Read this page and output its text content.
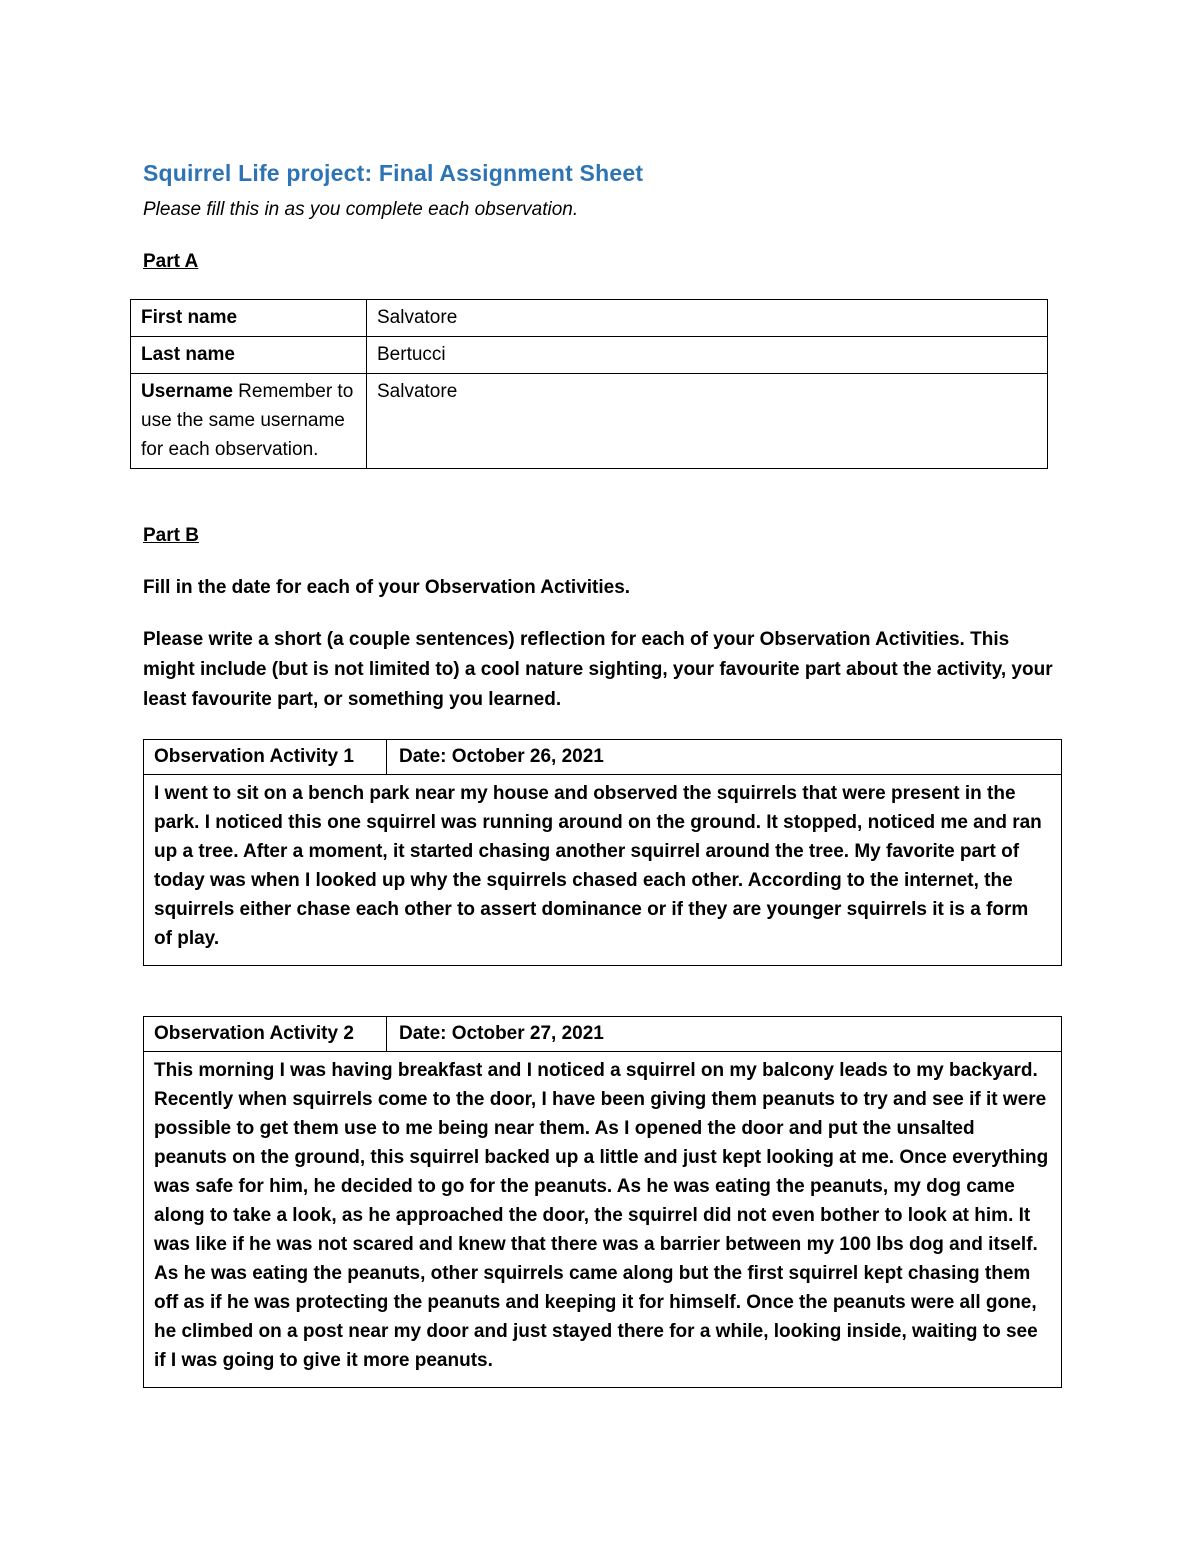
Squirrel Life project: Final Assignment Sheet

Please fill this in as you complete each observation.

Part A

First name	Salvatore
Last name	Bertucci
Username Remember to use the same username for each observation.	Salvatore

Part B

Fill in the date for each of your Observation Activities.

Please write a short (a couple sentences) reflection for each of your Observation Activities. This might include (but is not limited to) a cool nature sighting, your favourite part about the activity, your least favourite part, or something you learned.

Observation Activity 1	Date: October 26, 2021
I went to sit on a bench park near my house and observed the squirrels that were present in the park. I noticed this one squirrel was running around on the ground. It stopped, noticed me and ran up a tree. After a moment, it started chasing another squirrel around the tree. My favorite part of today was when I looked up why the squirrels chased each other. According to the internet, the squirrels either chase each other to assert dominance or if they are younger squirrels it is a form of play.
Observation Activity 2	Date: October 27, 2021
This morning I was having breakfast and I noticed a squirrel on my balcony leads to my backyard. Recently when squirrels come to the door, I have been giving them peanuts to try and see if it were possible to get them use to me being near them. As I opened the door and put the unsalted peanuts on the ground, this squirrel backed up a little and just kept looking at me. Once everything was safe for him, he decided to go for the peanuts. As he was eating the peanuts, my dog came along to take a look, as he approached the door, the squirrel did not even bother to look at him. It was like if he was not scared and knew that there was a barrier between my 100 lbs dog and itself. As he was eating the peanuts, other squirrels came along but the first squirrel kept chasing them off as if he was protecting the peanuts and keeping it for himself. Once the peanuts were all gone, he climbed on a post near my door and just stayed there for a while, looking inside, waiting to see if I was going to give it more peanuts.
